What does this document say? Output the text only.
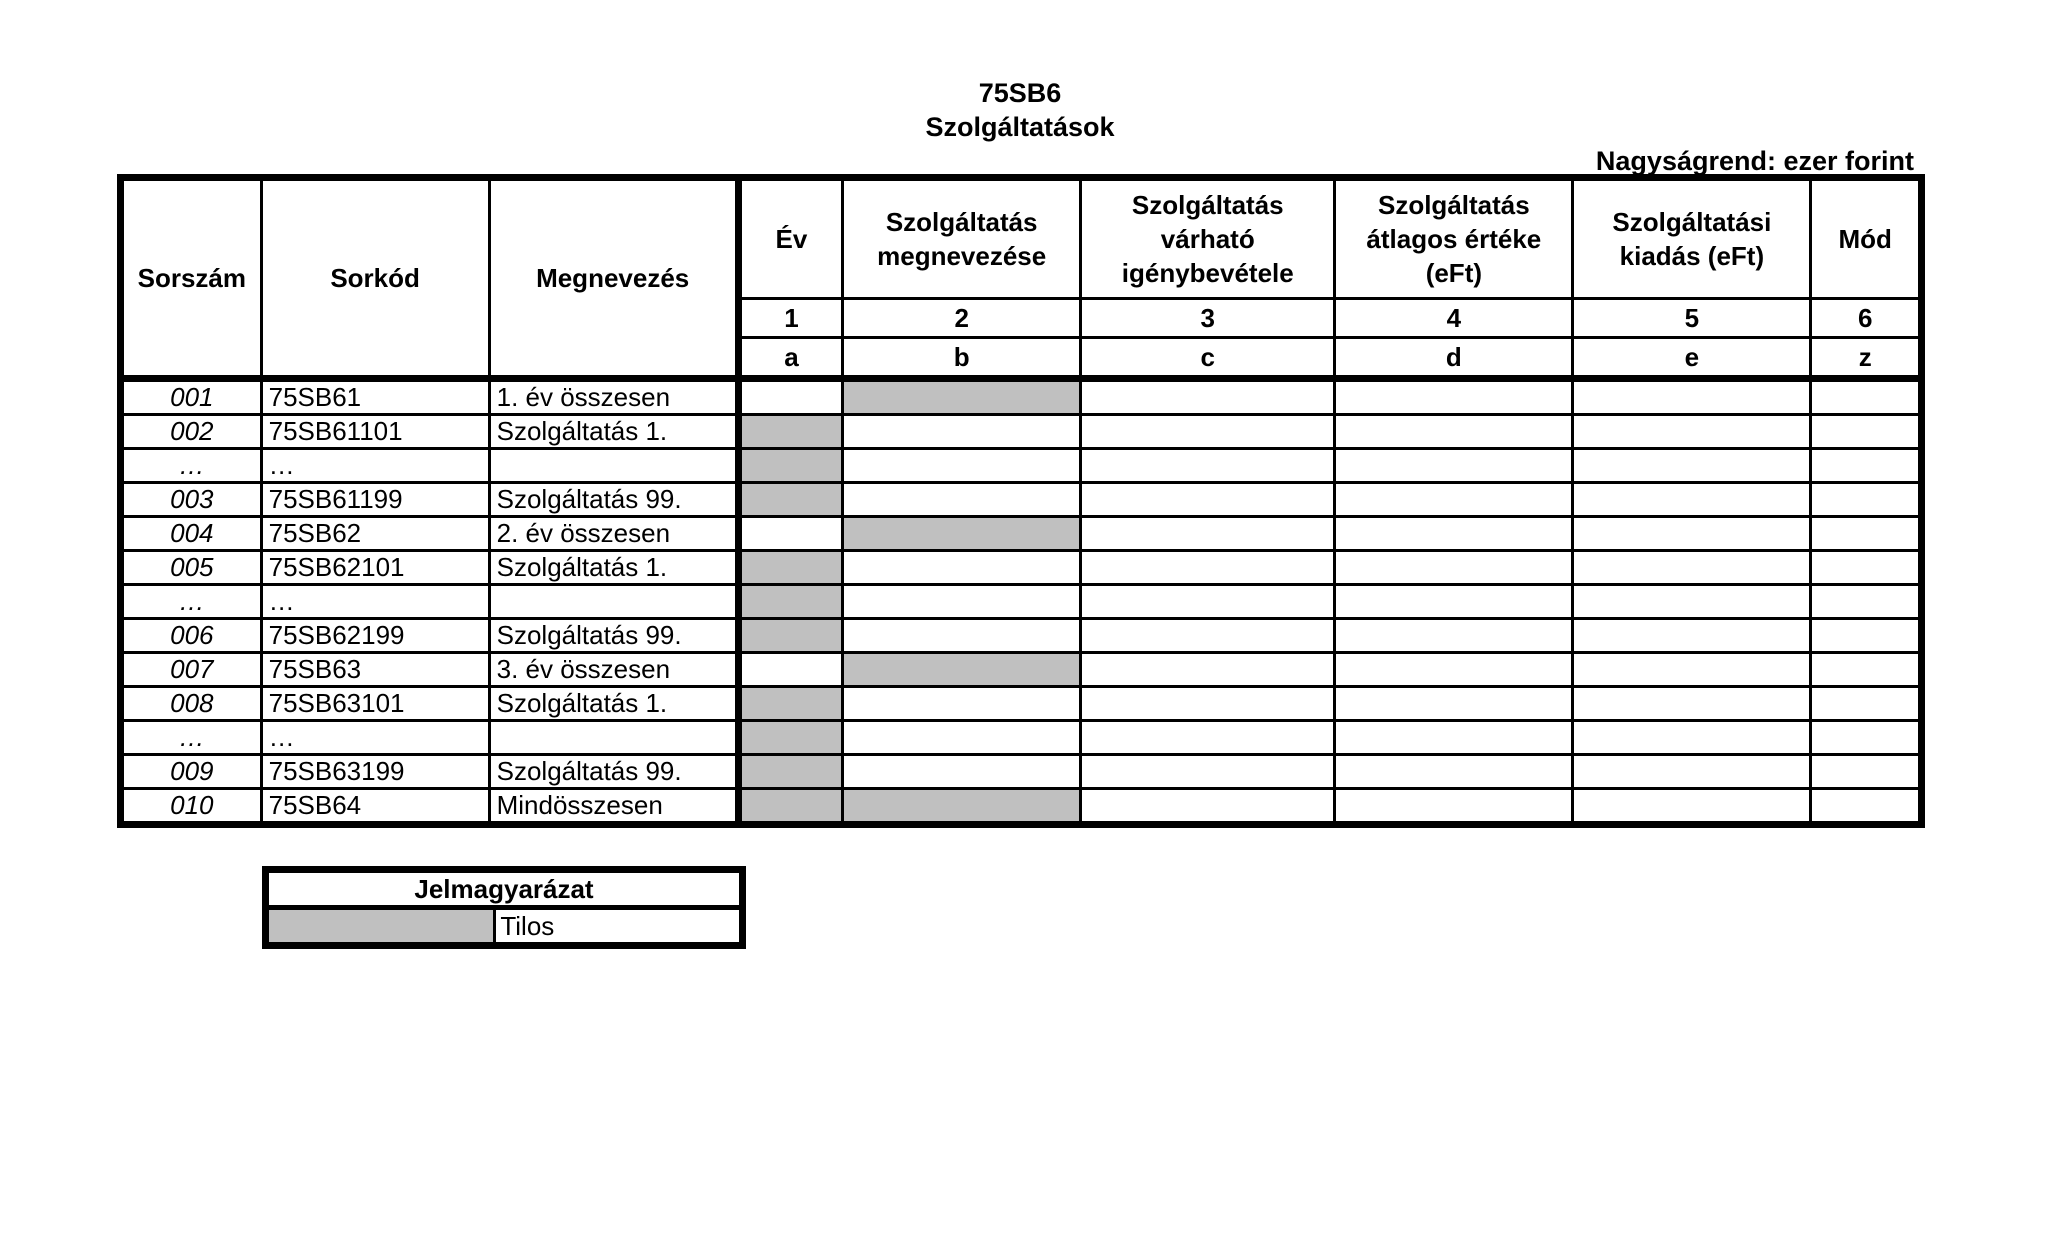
75SB6
Szolgáltatások
Nagyságrend: ezer forint
Sorszám	Sorkód	Megnevezés	Év	Szolgáltatás megnevezése	Szolgáltatás várható igénybevétele	Szolgáltatás átlagos értéke (eFt)	Szolgáltatási kiadás (eFt)	Mód
			1	2	3	4	5	6
			a	b	c	d	e	z
001	75SB61	1. év összesen						
002	75SB61101	Szolgáltatás 1.						
…	…							
003	75SB61199	Szolgáltatás 99.						
004	75SB62	2. év összesen						
005	75SB62101	Szolgáltatás 1.						
…	…							
006	75SB62199	Szolgáltatás 99.						
007	75SB63	3. év összesen						
008	75SB63101	Szolgáltatás 1.						
…	…							
009	75SB63199	Szolgáltatás 99.						
010	75SB64	Mindösszesen						
Jelmagyarázat
	Tilos
